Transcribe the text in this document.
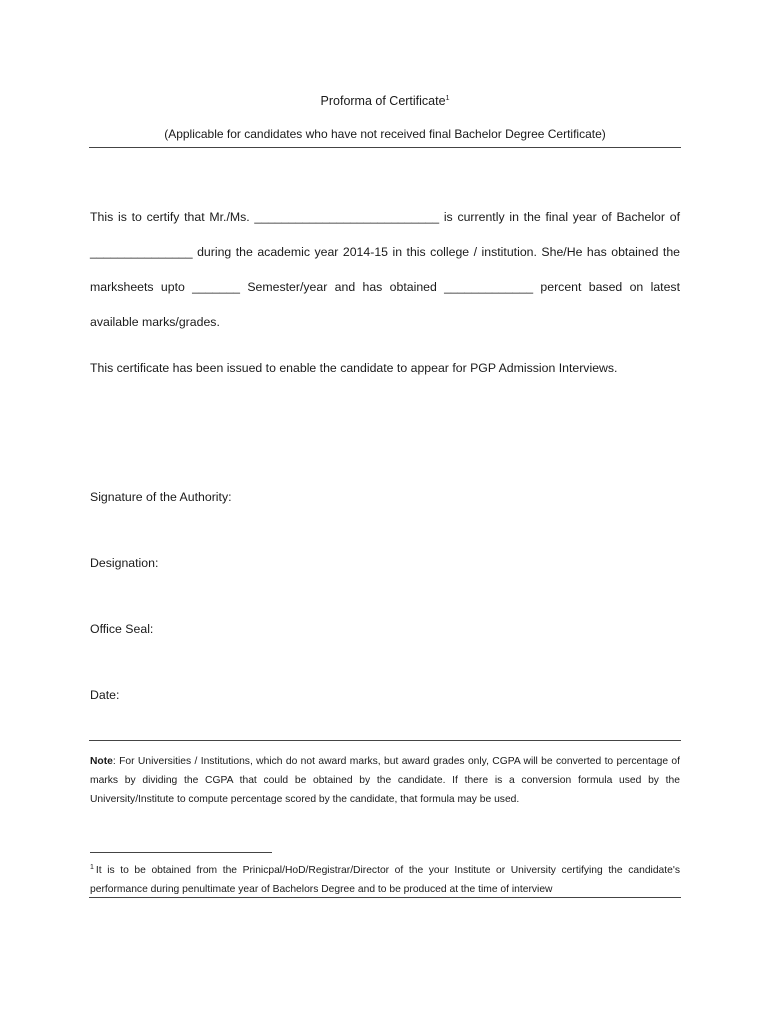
Proforma of Certificate$^1$
(Applicable for candidates who have not received final Bachelor Degree Certificate)

This is to certify that Mr./Ms. ___________________________ is currently in the final year of Bachelor of _______________ during the academic year 2014-15 in this college / institution. She/He has obtained the marksheets upto _______ Semester/year and has obtained _____________ percent based on latest available marks/grades.

This certificate has been issued to enable the candidate to appear for PGP Admission Interviews.

Signature of the Authority:

Designation:

Office Seal:

Date:

Note: For Universities / Institutions, which do not award marks, but award grades only, CGPA will be converted to percentage of marks by dividing the CGPA that could be obtained by the candidate. If there is a conversion formula used by the University/Institute to compute percentage scored by the candidate, that formula may be used.

$^1$ It is to be obtained from the Prinicpal/HoD/Registrar/Director of the your Institute or University certifying the candidate's performance during penultimate year of Bachelors Degree and to be produced at the time of interview
